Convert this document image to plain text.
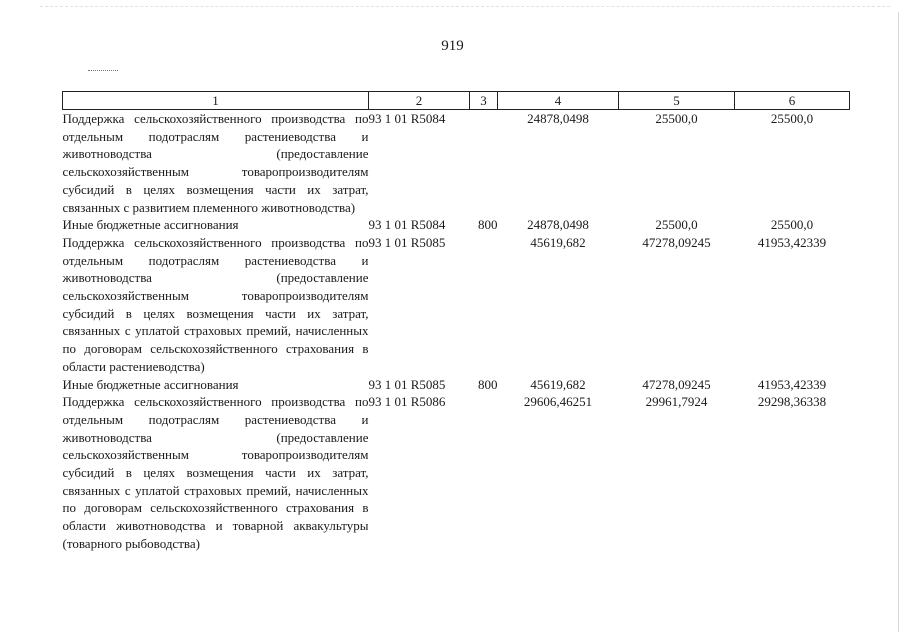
919
1	2	3	4	5	6
Поддержка сельскохозяйственного производства по отдельным подотраслям растениеводства и животноводства (предоставление сельскохозяйственным товаропроизводителям субсидий в целях возмещения части их затрат, связанных с развитием племенного животноводства)	93 1 01 R5084		24878,0498	25500,0	25500,0
Иные бюджетные ассигнования	93 1 01 R5084	800	24878,0498	25500,0	25500,0
Поддержка сельскохозяйственного производства по отдельным подотраслям растениеводства и животноводства (предоставление сельскохозяйственным товаропроизводителям субсидий в целях возмещения части их затрат, связанных с уплатой страховых премий, начисленных по договорам сельскохозяйственного страхования в области растениеводства)	93 1 01 R5085		45619,682	47278,09245	41953,42339
Иные бюджетные ассигнования	93 1 01 R5085	800	45619,682	47278,09245	41953,42339
Поддержка сельскохозяйственного производства по отдельным подотраслям растениеводства и животноводства (предоставление сельскохозяйственным товаропроизводителям субсидий в целях возмещения части их затрат, связанных с уплатой страховых премий, начисленных по договорам сельскохозяйственного страхования в области животноводства и товарной аквакультуры (товарного рыбоводства)	93 1 01 R5086		29606,46251	29961,7924	29298,36338
